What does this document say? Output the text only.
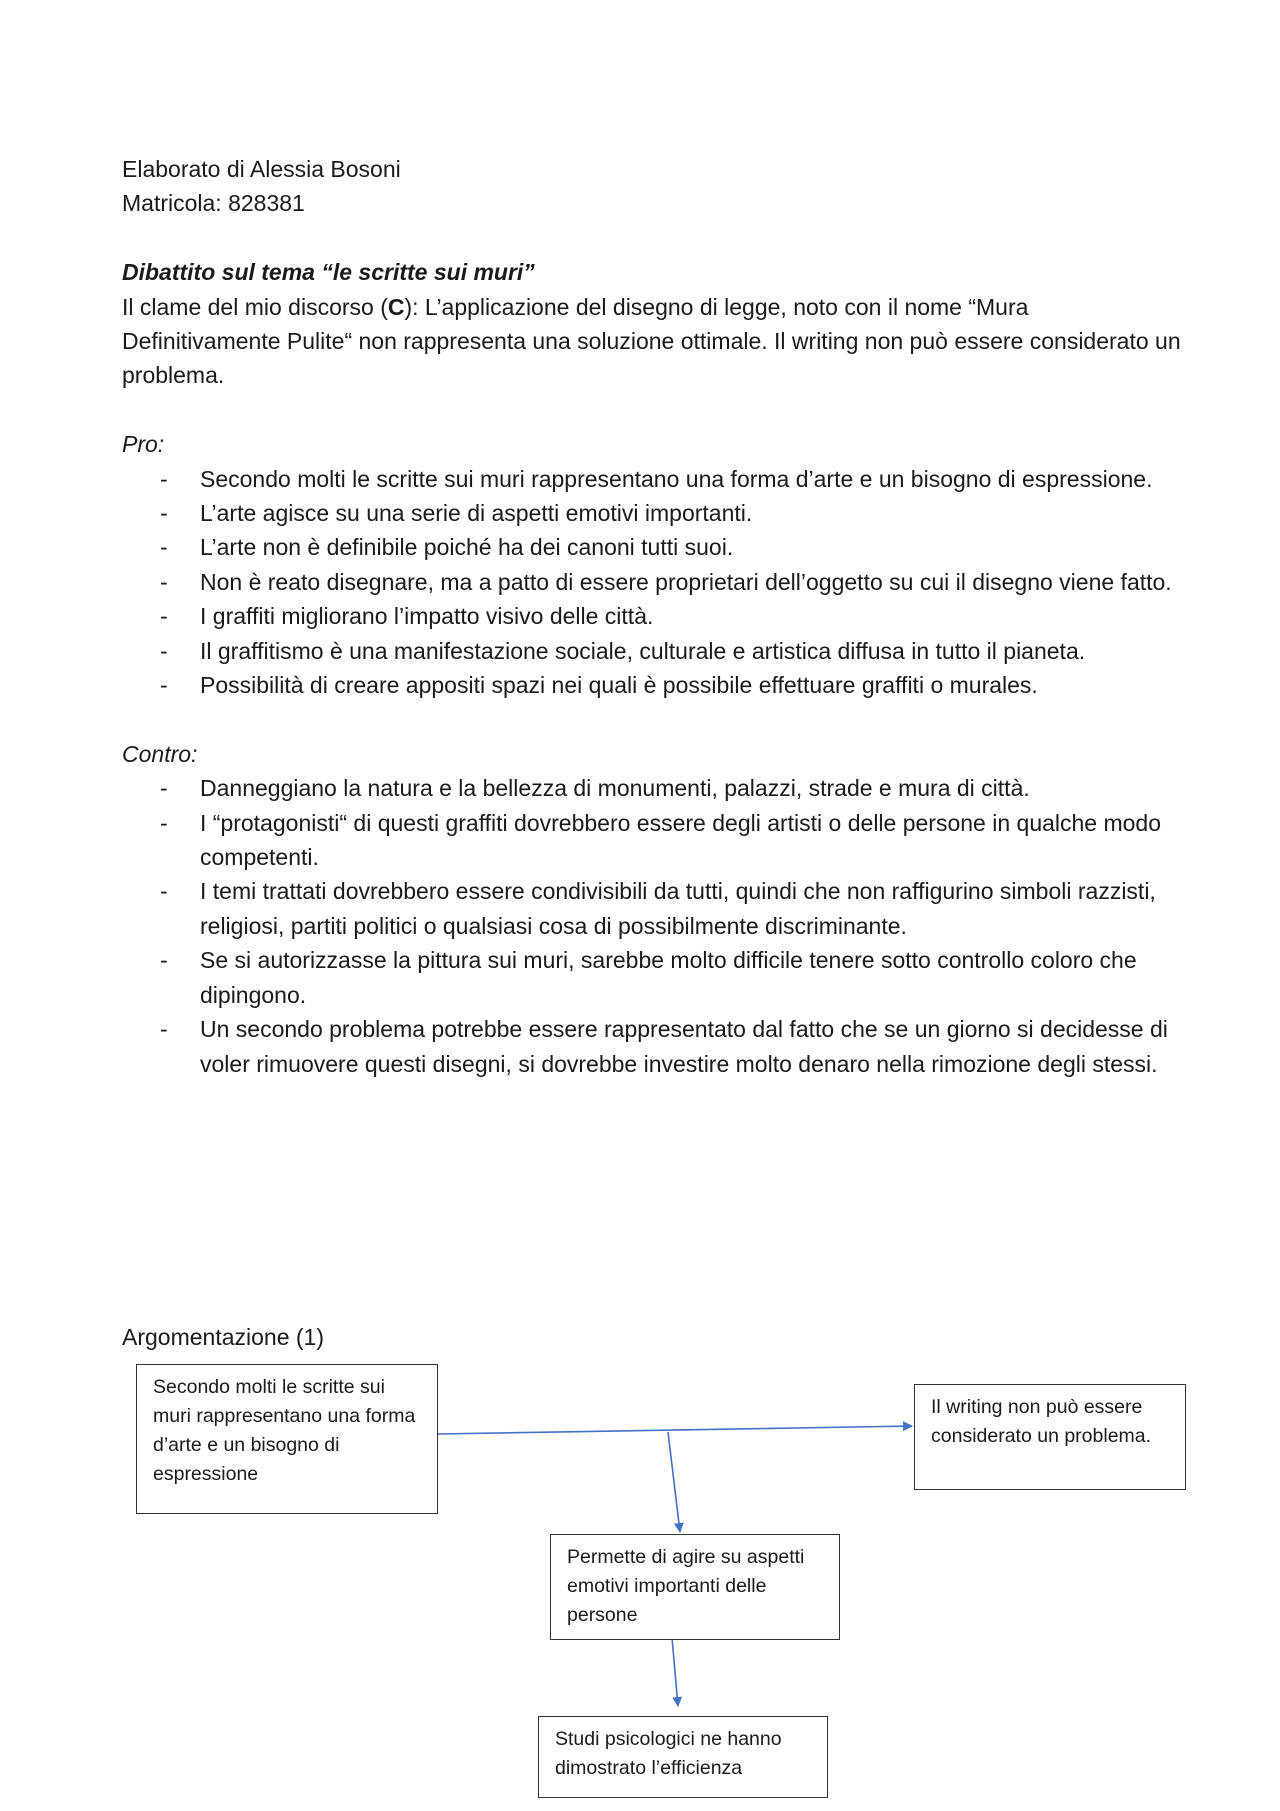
Elaborato di Alessia Bosoni
Matricola: 828381
Dibattito sul tema “le scritte sui muri”
Il clame del mio discorso (C): L’applicazione del disegno di legge, noto con il nome “Mura Definitivamente Pulite“ non rappresenta una soluzione ottimale. Il writing non può essere considerato un problema.
Pro:
- Secondo molti le scritte sui muri rappresentano una forma d’arte e un bisogno di espressione.
- L’arte agisce su una serie di aspetti emotivi importanti.
- L’arte non è definibile poiché ha dei canoni tutti suoi.
- Non è reato disegnare, ma a patto di essere proprietari dell’oggetto su cui il disegno viene fatto.
- I graffiti migliorano l’impatto visivo delle città.
- Il graffitismo è una manifestazione sociale, culturale e artistica diffusa in tutto il pianeta.
- Possibilità di creare appositi spazi nei quali è possibile effettuare graffiti o murales.
Contro:
- Danneggiano la natura e la bellezza di monumenti, palazzi, strade e mura di città.
- I “protagonisti“ di questi graffiti dovrebbero essere degli artisti o delle persone in qualche modo competenti.
- I temi trattati dovrebbero essere condivisibili da tutti, quindi che non raffigurino simboli razzisti, religiosi, partiti politici o qualsiasi cosa di possibilmente discriminante.
- Se si autorizzasse la pittura sui muri, sarebbe molto difficile tenere sotto controllo coloro che dipingono.
- Un secondo problema potrebbe essere rappresentato dal fatto che se un giorno si decidesse di voler rimuovere questi disegni, si dovrebbe investire molto denaro nella rimozione degli stessi.
Argomentazione (1)
Secondo molti le scritte sui muri rappresentano una forma d’arte e un bisogno di espressione
Il writing non può essere considerato un problema.
Permette di agire su aspetti emotivi importanti delle persone
Studi psicologici ne hanno dimostrato l’efficienza
